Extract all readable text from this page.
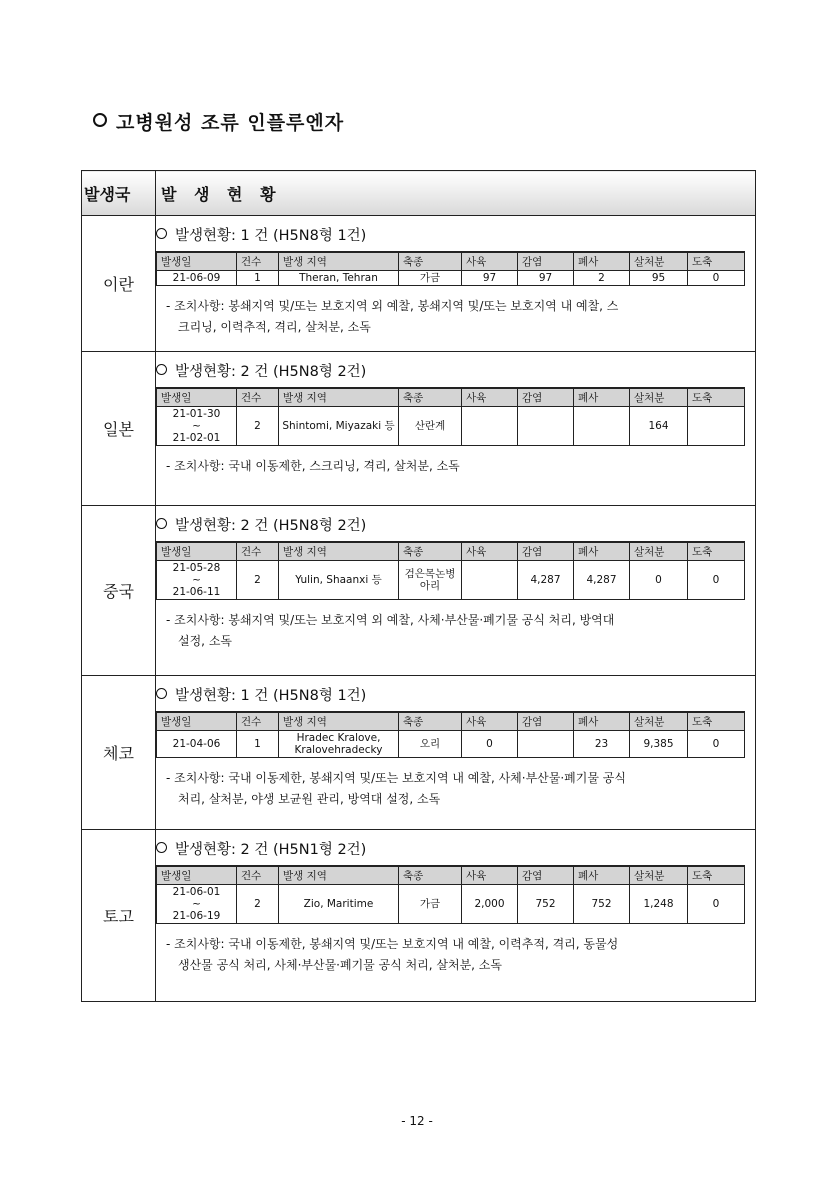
고병원성 조류 인플루엔자
발생국	발 생 현 황
이란	
발생현황: 1 건 (H5N8형 1건)
발생일	건수	발생 지역	축종	사육	감염	폐사	살처분	도축

21-06-09	1	Theran, Tehran	가금	97	97	2	95	0
- 조치사항: 봉쇄지역 및/또는 보호지역 외 예찰, 봉쇄지역 및/또는 보호지역 내 예찰, 스
크리닝, 이력추적, 격리, 살처분, 소독

일본	
발생현황: 2 건 (H5N8형 2건)
발생일	건수	발생 지역	축종	사육	감염	폐사	살처분	도축

21-01-30
~
21-02-01
	2	Shintomi, Miyazaki 등	산란계				164	
- 조치사항: 국내 이동제한, 스크리닝, 격리, 살처분, 소독

중국	
발생현황: 2 건 (H5N8형 2건)
발생일	건수	발생 지역	축종	사육	감염	폐사	살처분	도축

21-05-28
~
21-06-11
	2	Yulin, Shaanxi 등	검은목논병아리		4,287	4,287	0	0
- 조치사항: 봉쇄지역 및/또는 보호지역 외 예찰, 사체·부산물·폐기물 공식 처리, 방역대
설정, 소독

체코	
발생현황: 1 건 (H5N8형 1건)
발생일	건수	발생 지역	축종	사육	감염	폐사	살처분	도축

21-04-06	1	Hradec Kralove, Kralovehradecky	오리	0		23	9,385	0
- 조치사항: 국내 이동제한, 봉쇄지역 및/또는 보호지역 내 예찰, 사체·부산물·폐기물 공식
처리, 살처분, 야생 보균원 관리, 방역대 설정, 소독

토고	
발생현황: 2 건 (H5N1형 2건)
발생일	건수	발생 지역	축종	사육	감염	폐사	살처분	도축

21-06-01
~
21-06-19
	2	Zio, Maritime	가금	2,000	752	752	1,248	0
- 조치사항: 국내 이동제한, 봉쇄지역 및/또는 보호지역 내 예찰, 이력추적, 격리, 동물성
생산물 공식 처리, 사체·부산물·폐기물 공식 처리, 살처분, 소독
- 12 -
